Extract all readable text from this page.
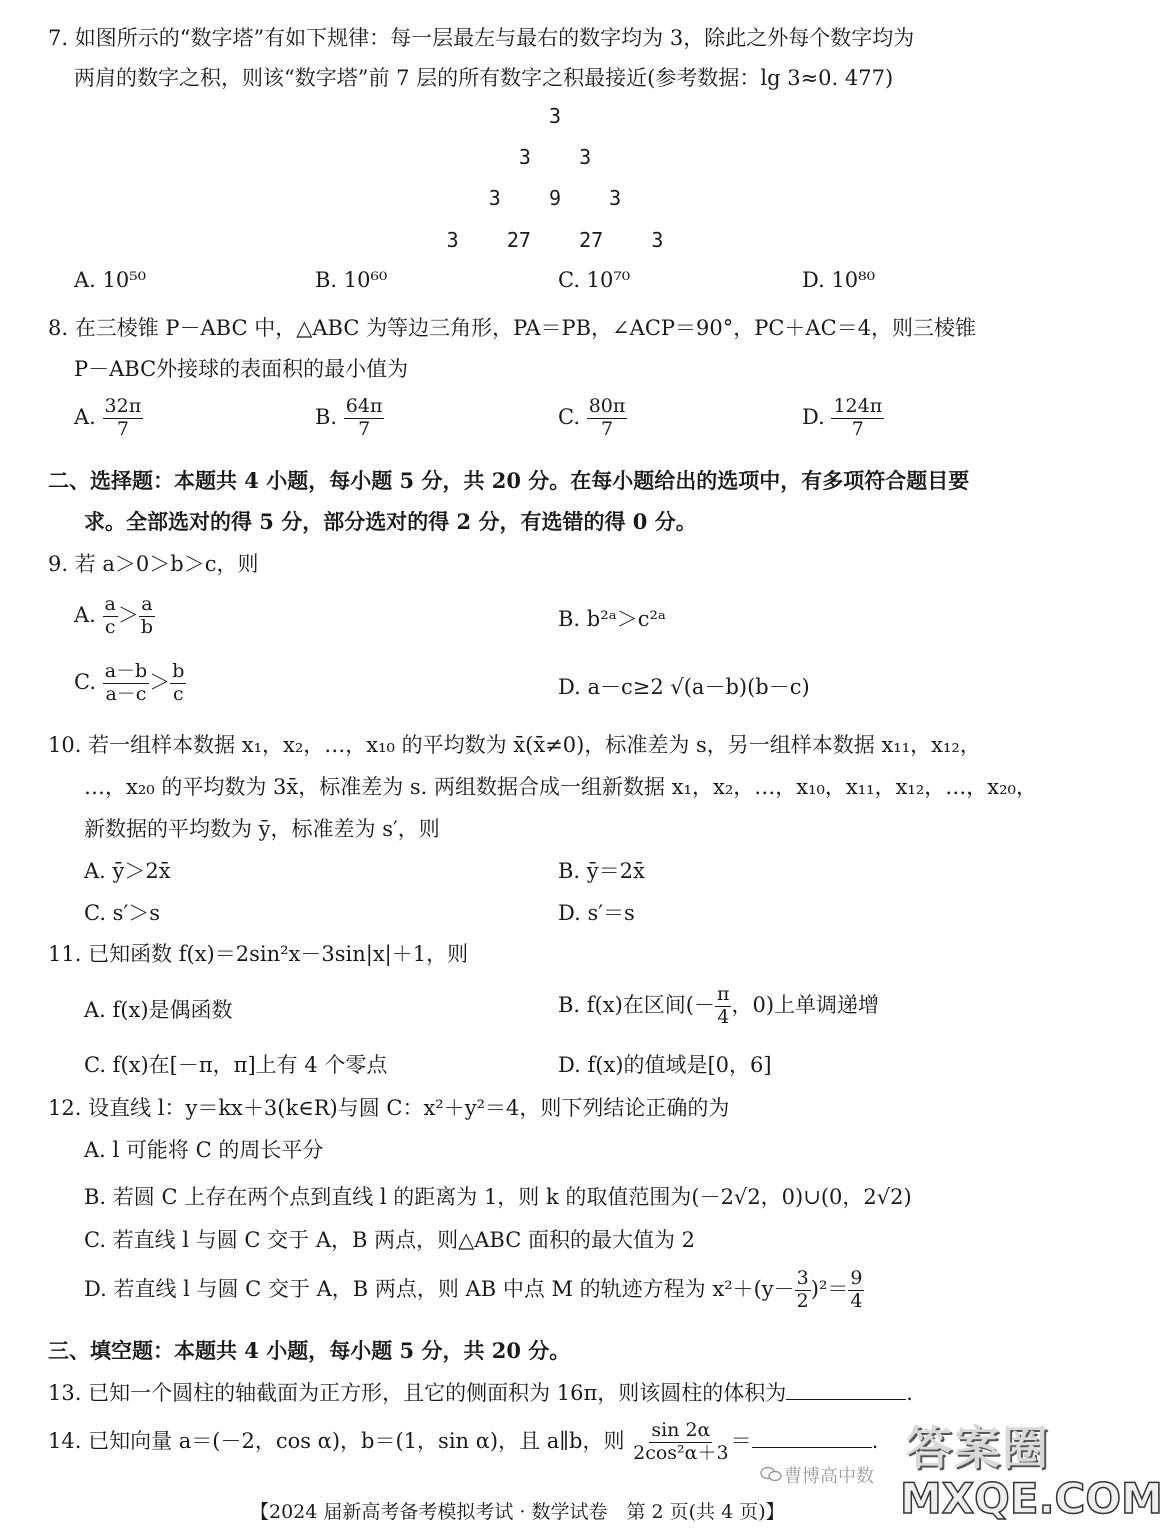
7. 如图所示的“数字塔”有如下规律：每一层最左与最右的数字均为 3，除此之外每个数字均为
两肩的数字之积，则该“数字塔”前 7 层的所有数字之积最接近(参考数据：lg 3≈0. 477)
3
3    3
3    9    3
3    27    27    3
A. 10⁵⁰	B. 10⁶⁰	C. 10⁷⁰	D. 10⁸⁰
8. 在三棱锥 P－ABC 中，△ABC 为等边三角形，PA＝PB，∠ACP＝90°，PC＋AC＝4，则三棱锥
P－ABC外接球的表面积的最小值为
A. $\frac{32\pi}{7}$	B. $\frac{64\pi}{7}$	C. $\frac{80\pi}{7}$	D. $\frac{124\pi}{7}$
二、选择题：本题共 4 小题，每小题 5 分，共 20 分。在每小题给出的选项中，有多项符合题目要
求。全部选对的得 5 分，部分选对的得 2 分，有选错的得 0 分。
9. 若 a＞0＞b＞c，则
A. $\frac{a}{c} > \frac{a}{b}$	B. b²ᵃ＞c²ᵃ
C. $\frac{a-b}{a-c} > \frac{b}{c}$	D. a－c≥2 √(a－b)(b－c)
10. 若一组样本数据 x₁，x₂，…，x₁₀ 的平均数为 x̄(x̄≠0)，标准差为 s，另一组样本数据 x₁₁，x₁₂，
…，x₂₀ 的平均数为 3x̄，标准差为 s. 两组数据合成一组新数据 x₁，x₂，…，x₁₀，x₁₁，x₁₂，…，x₂₀，
新数据的平均数为 ȳ，标准差为 s′，则
A. ȳ＞2x̄	B. ȳ＝2x̄
C. s′＞s	D. s′＝s
11. 已知函数 f(x)＝2sin²x－3sin|x|＋1，则
A. f(x)是偶函数	B. f(x)在区间(－ $\frac{\pi}{4}$ ，0)上单调递增
C. f(x)在[－π，π]上有 4 个零点	D. f(x)的值域是[0，6]
12. 设直线 l：y＝kx＋3(k∈R)与圆 C：x²＋y²＝4，则下列结论正确的为
A. l 可能将 C 的周长平分
B. 若圆 C 上存在两个点到直线 l 的距离为 1，则 k 的取值范围为(－2√2，0)∪(0，2√2)
C. 若直线 l 与圆 C 交于 A，B 两点，则△ABC 面积的最大值为 2
D. 若直线 l 与圆 C 交于 A，B 两点，则 AB 中点 M 的轨迹方程为 $x^2+(y- \frac{3}{2} )^2= \frac{9}{4}$
三、填空题：本题共 4 小题，每小题 5 分，共 20 分。
13. 已知一个圆柱的轴截面为正方形，且它的侧面积为 16π，则该圆柱的体积为	.
14. 已知向量 a＝(－2，cos α)，b＝(1，sin α)，且 a∥b，则 $\frac{\sin 2\alpha}{\text{2cos²α＋3}}$ ＝	.
曹博高中数
答案圈
MXQE.COM
【2024 届新高考备考模拟考试 · 数学试卷　第 2 页(共 4 页)】
